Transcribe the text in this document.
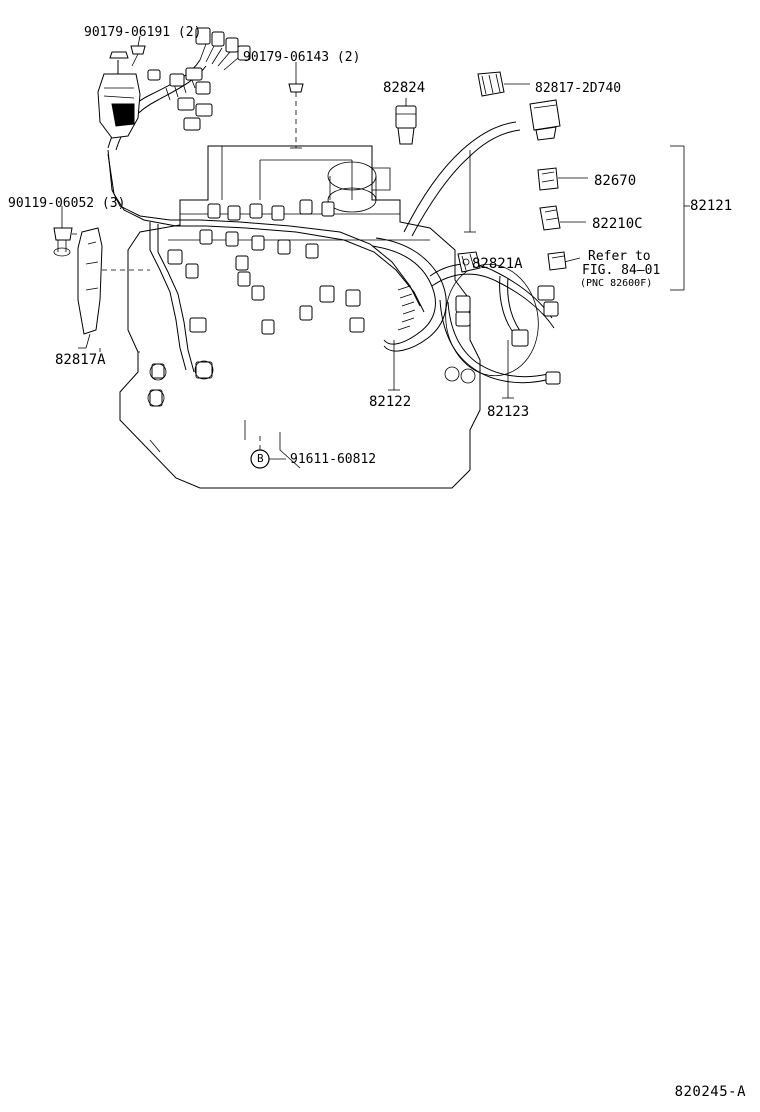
90179-06191 (2)
90179-06143 (2)
82824	82817-2D740
82670
82121
82210C
90119-06052 (3)
82821A	Refer to
FIG. 84–01
(PNC 82600F)
82817A
82122
82123
91611-60812
B
820245-A
